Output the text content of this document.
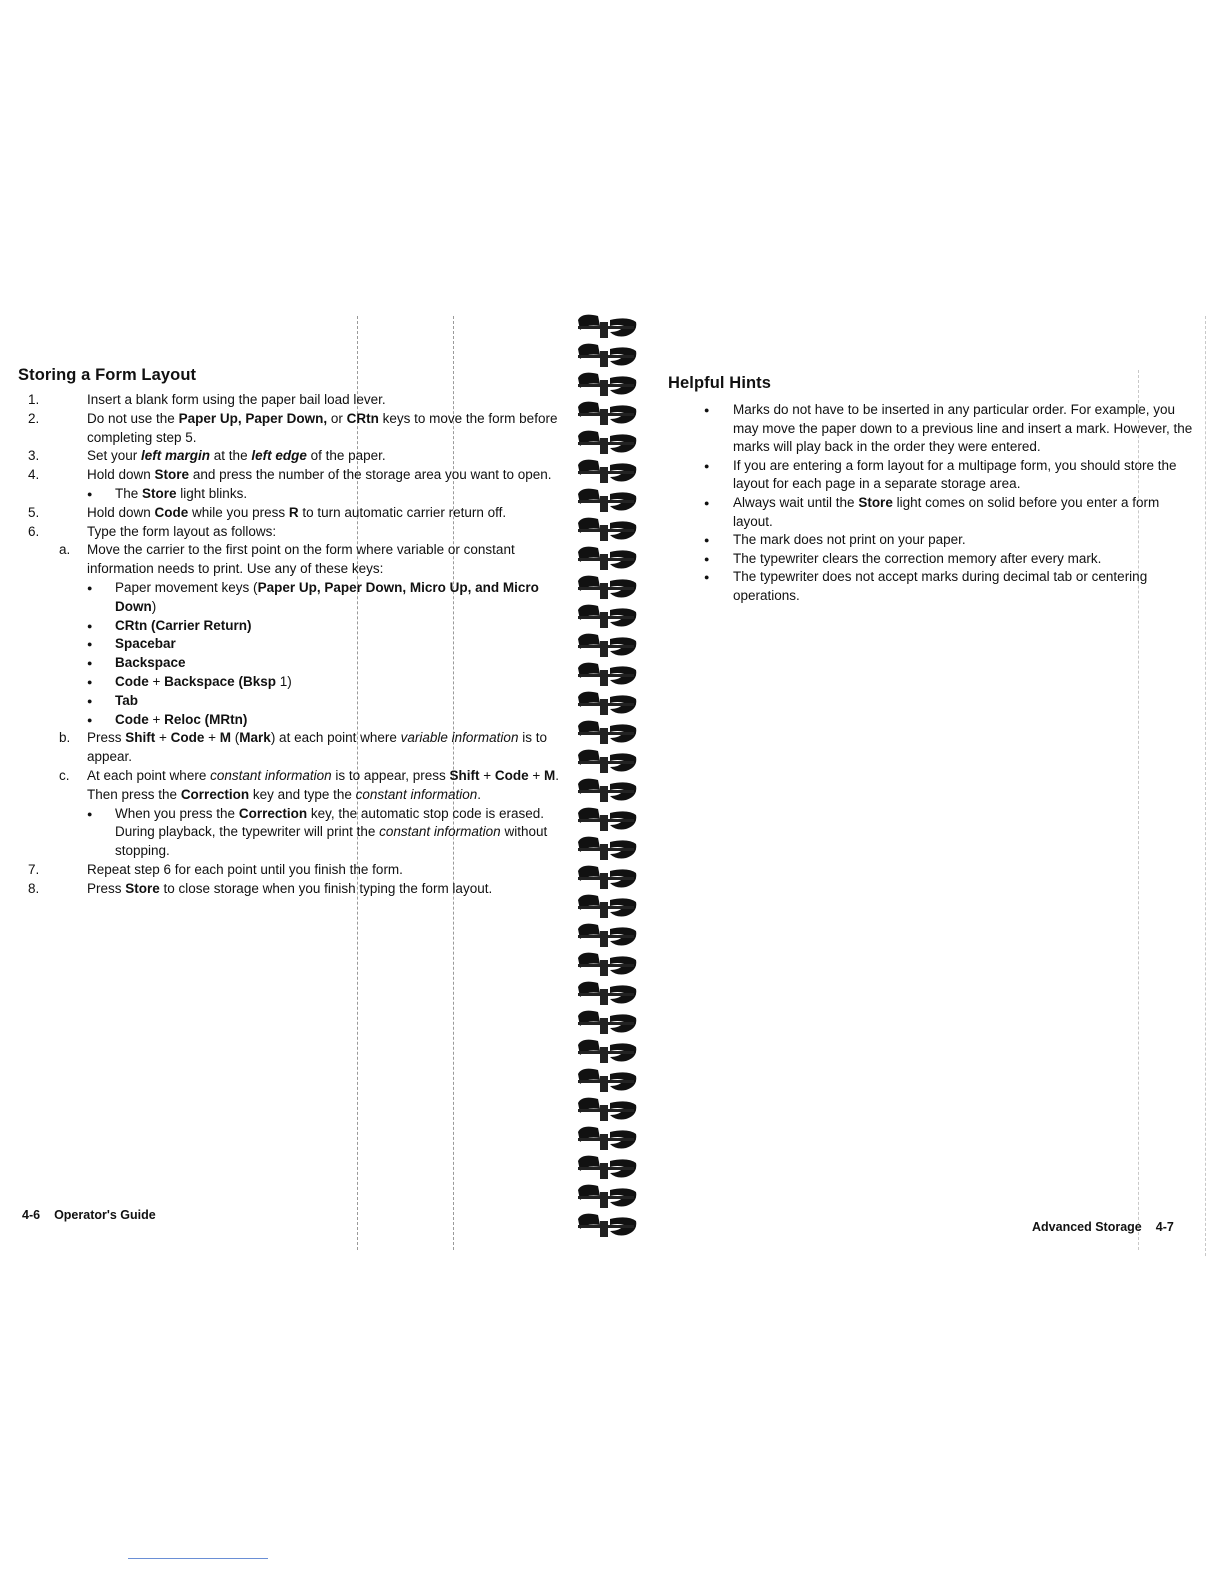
Storing a Form Layout
1.	Insert a blank form using the paper bail load lever.
2.	Do not use the Paper Up, Paper Down, or CRtn keys to move the form before completing step 5.
3.	Set your left margin at the left edge of the paper.
4.	Hold down Store and press the number of the storage area you want to open.
● The Store light blinks.
5.	Hold down Code while you press R to turn automatic carrier return off.
6.	Type the form layout as follows:
a. Move the carrier to the first point on the form where variable or constant information needs to print. Use any of these keys:
● Paper movement keys (Paper Up, Paper Down, Micro Up, and Micro Down)
● CRtn (Carrier Return)
● Spacebar
● Backspace
● Code + Backspace (Bksp 1)
● Tab
● Code + Reloc (MRtn)
b. Press Shift + Code + M (Mark) at each point where variable information is to appear.
c. At each point where constant information is to appear, press Shift + Code + M. Then press the Correction key and type the constant information.
● When you press the Correction key, the automatic stop code is erased. During playback, the typewriter will print the constant information without stopping.
7.	Repeat step 6 for each point until you finish the form.
8.	Press Store to close storage when you finish typing the form layout.
4-6 Operator's Guide
Helpful Hints
● Marks do not have to be inserted in any particular order. For example, you may move the paper down to a previous line and insert a mark. However, the marks will play back in the order they were entered.
● If you are entering a form layout for a multipage form, you should store the layout for each page in a separate storage area.
● Always wait until the Store light comes on solid before you enter a form layout.
● The mark does not print on your paper.
● The typewriter clears the correction memory after every mark.
● The typewriter does not accept marks during decimal tab or centering operations.
Advanced Storage 4-7
